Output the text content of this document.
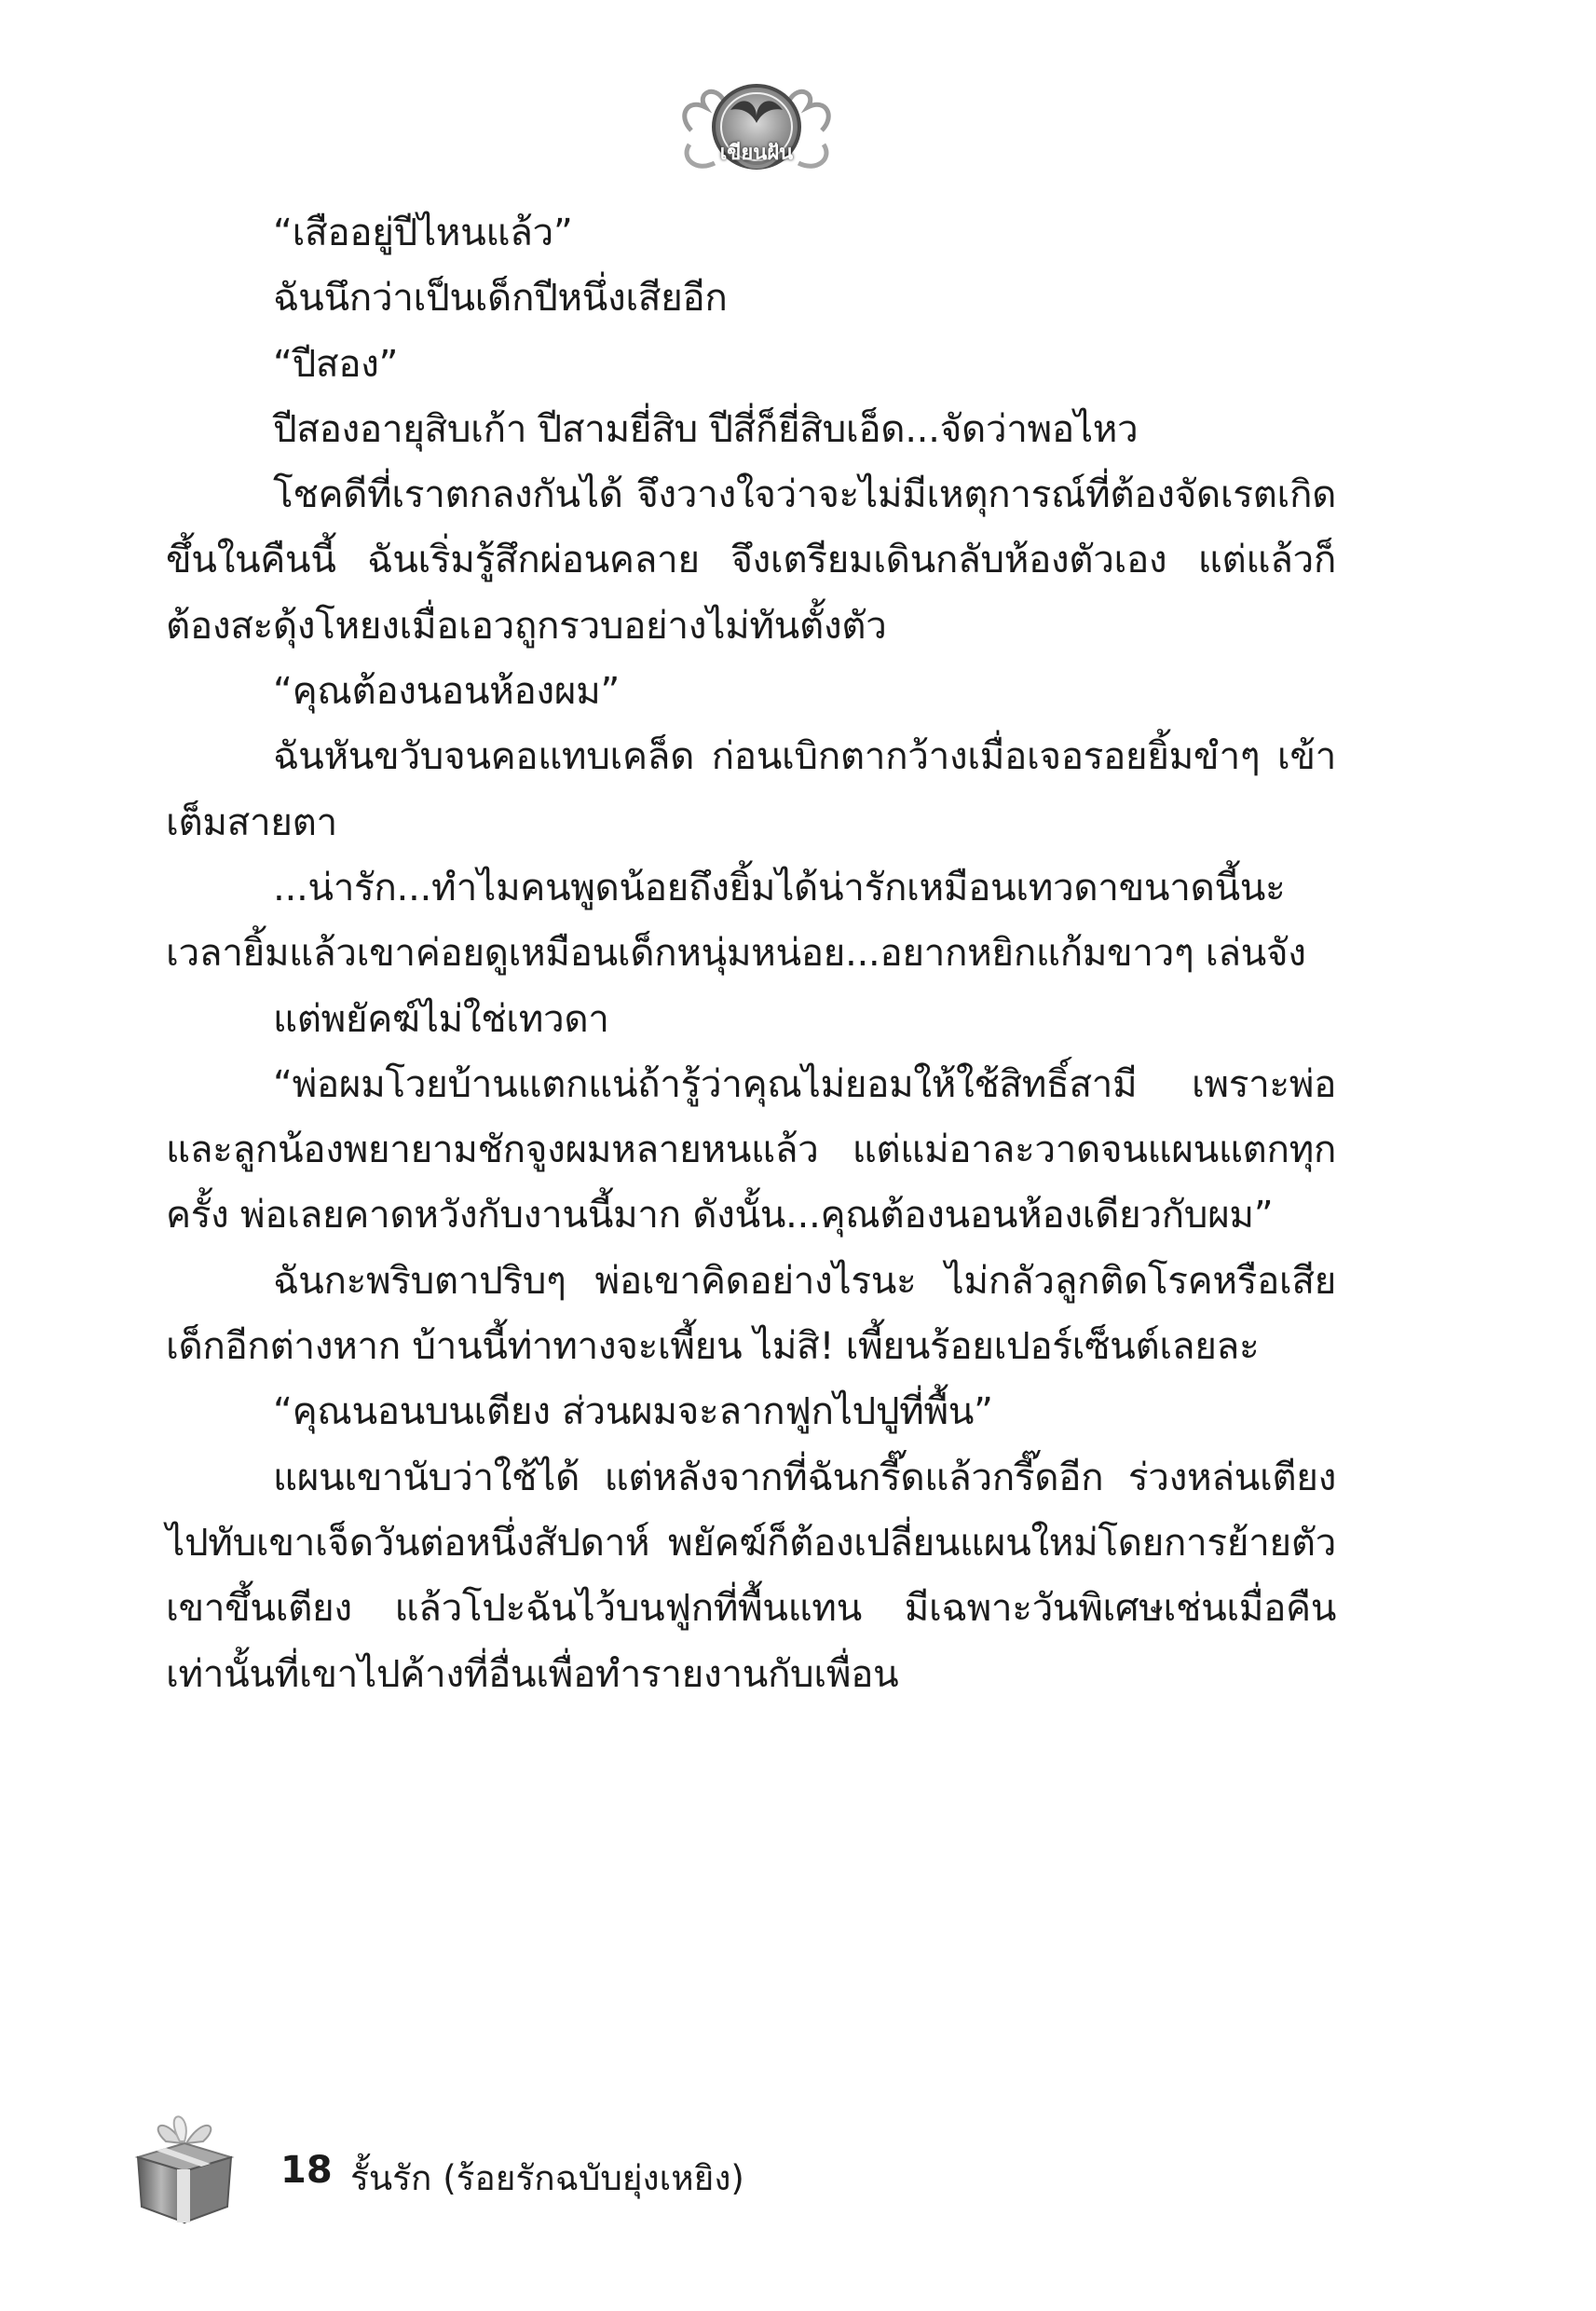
เขียนฝัน

“เสืออยู่ปีไหนแล้ว”

ฉันนึกว่าเป็นเด็กปีหนึ่งเสียอีก

“ปีสอง”

ปีสองอายุสิบเก้า ปีสามยี่สิบ ปีสี่ก็ยี่สิบเอ็ด...จัดว่าพอไหว

โชคดีที่เราตกลงกันได้ จึงวางใจว่าจะไม่มีเหตุการณ์ที่ต้องจัดเรตเกิดขึ้นในคืนนี้ ฉันเริ่มรู้สึกผ่อนคลาย จึงเตรียมเดินกลับห้องตัวเอง แต่แล้วก็ต้องสะดุ้งโหยงเมื่อเอวถูกรวบอย่างไม่ทันตั้งตัว

“คุณต้องนอนห้องผม”

ฉันหันขวับจนคอแทบเคล็ด ก่อนเบิกตากว้างเมื่อเจอรอยยิ้มขำๆ เข้าเต็มสายตา

...น่ารัก...ทำไมคนพูดน้อยถึงยิ้มได้น่ารักเหมือนเทวดาขนาดนี้นะ เวลายิ้มแล้วเขาค่อยดูเหมือนเด็กหนุ่มหน่อย...อยากหยิกแก้มขาวๆ เล่นจัง

แต่พยัคฆ์ไม่ใช่เทวดา

“พ่อผมโวยบ้านแตกแน่ถ้ารู้ว่าคุณไม่ยอมให้ใช้สิทธิ์สามี เพราะพ่อและลูกน้องพยายามชักจูงผมหลายหนแล้ว แต่แม่อาละวาดจนแผนแตกทุกครั้ง พ่อเลยคาดหวังกับงานนี้มาก ดังนั้น...คุณต้องนอนห้องเดียวกับผม”

ฉันกะพริบตาปริบๆ พ่อเขาคิดอย่างไรนะ ไม่กลัวลูกติดโรคหรือเสียเด็กอีกต่างหาก บ้านนี้ท่าทางจะเพี้ยน ไม่สิ! เพี้ยนร้อยเปอร์เซ็นต์เลยละ

“คุณนอนบนเตียง ส่วนผมจะลากฟูกไปปูที่พื้น”

แผนเขานับว่าใช้ได้ แต่หลังจากที่ฉันกรี๊ดแล้วกรี๊ดอีก ร่วงหล่นเตียงไปทับเขาเจ็ดวันต่อหนึ่งสัปดาห์ พยัคฆ์ก็ต้องเปลี่ยนแผนใหม่โดยการย้ายตัวเขาขึ้นเตียง แล้วโปะฉันไว้บนฟูกที่พื้นแทน มีเฉพาะวันพิเศษเช่นเมื่อคืนเท่านั้นที่เขาไปค้างที่อื่นเพื่อทำรายงานกับเพื่อน

18 รั้นรัก (ร้อยรักฉบับยุ่งเหยิง)
